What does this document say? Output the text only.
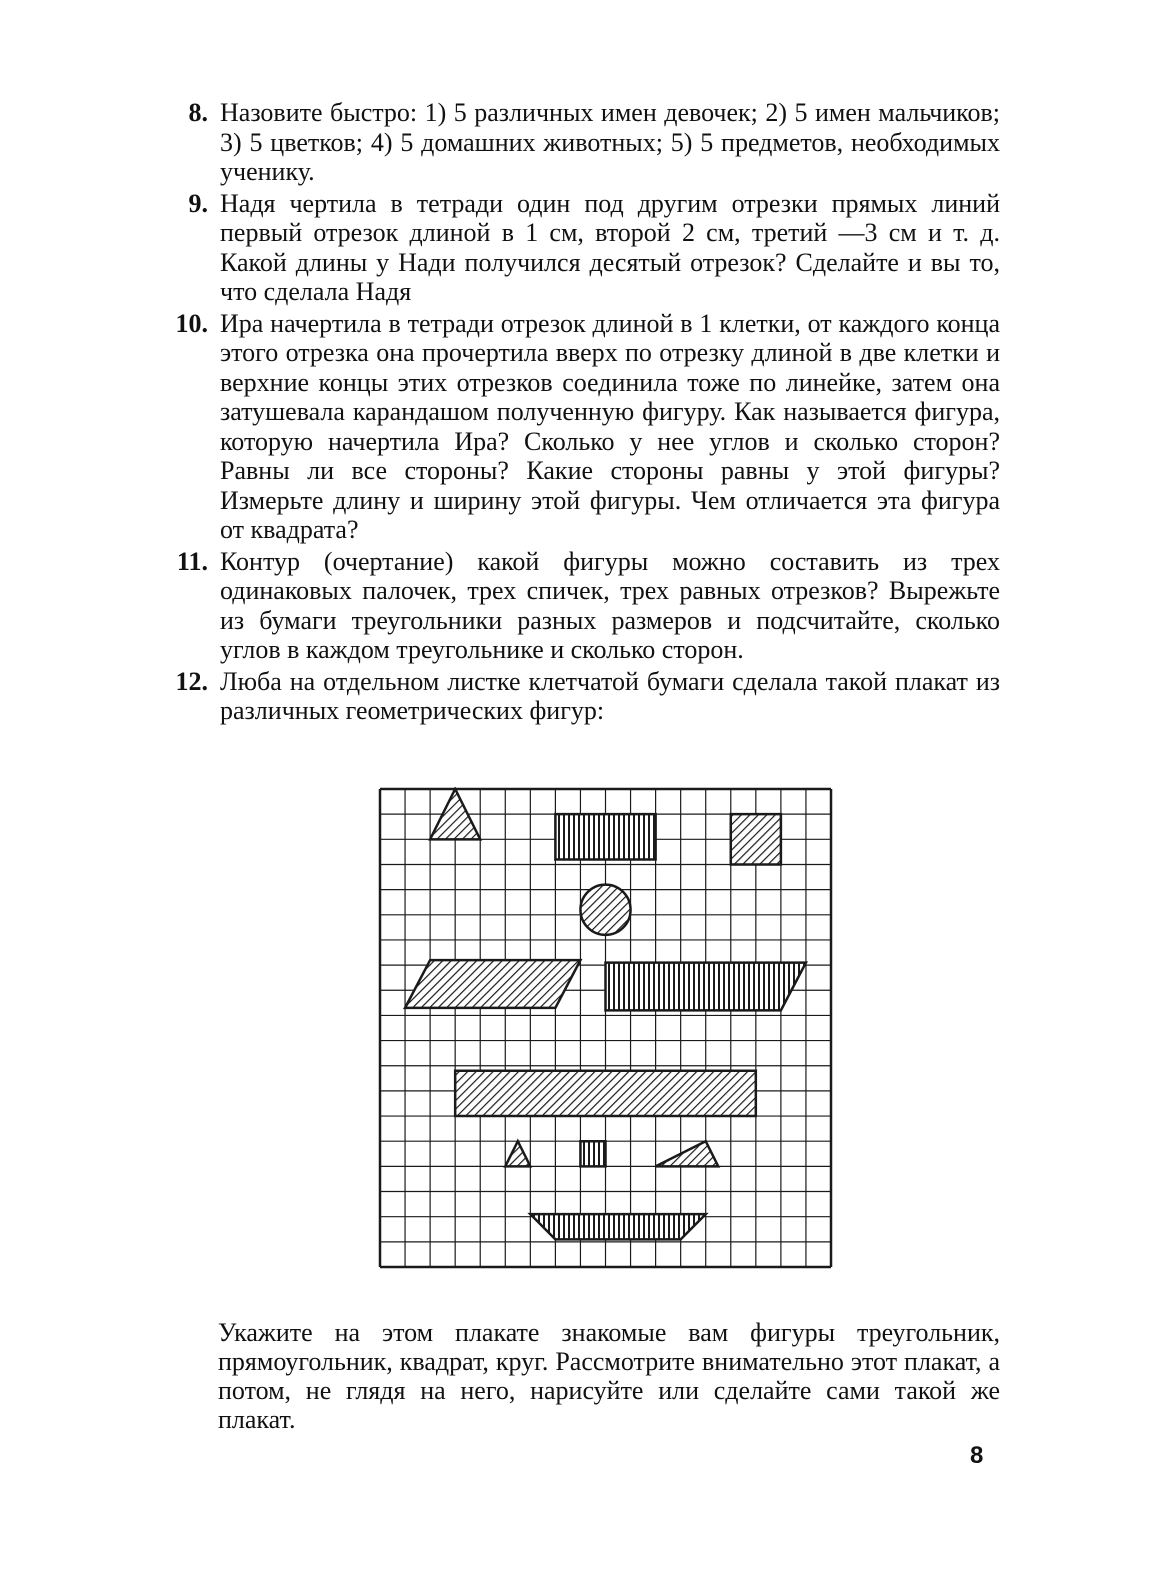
8. Назовите быстро: 1) 5 различных имен девочек; 2) 5 имен мальчиков; 3) 5 цветков; 4) 5 домашних животных; 5) 5 предметов, необходимых ученику.
9. Надя чертила в тетради один под другим отрезки прямых линий первый отрезок длиной в 1 см, второй 2 см, третий —3 см и т. д. Какой длины у Нади получился десятый отрезок? Сделайте и вы то, что сделала Надя
10. Ира начертила в тетради отрезок длиной в 1 клетки, от каждого конца этого отрезка она прочертила вверх по отрезку длиной в две клетки и верхние концы этих отрезков соединила тоже по линейке, затем она затушевала карандашом полученную фигуру. Как называется фигура, которую начертила Ира? Сколько у нее углов и сколько сторон? Равны ли все стороны? Какие стороны равны у этой фигуры? Измерьте длину и ширину этой фигуры. Чем отличается эта фигура от квадрата?
11. Контур (очертание) какой фигуры можно составить из трех одинаковых палочек, трех спичек, трех равных отрезков? Вырежьте из бумаги треугольники разных размеров и подсчитайте, сколько углов в каждом треугольнике и сколько сторон.
12. Люба на отдельном листке клетчатой бумаги сделала такой плакат из различных геометрических фигур:
Укажите на этом плакате знакомые вам фигуры треугольник, прямоугольник, квадрат, круг. Рассмотрите внимательно этот плакат, а потом, не глядя на него, нарисуйте или сделайте сами такой же плакат.
8
